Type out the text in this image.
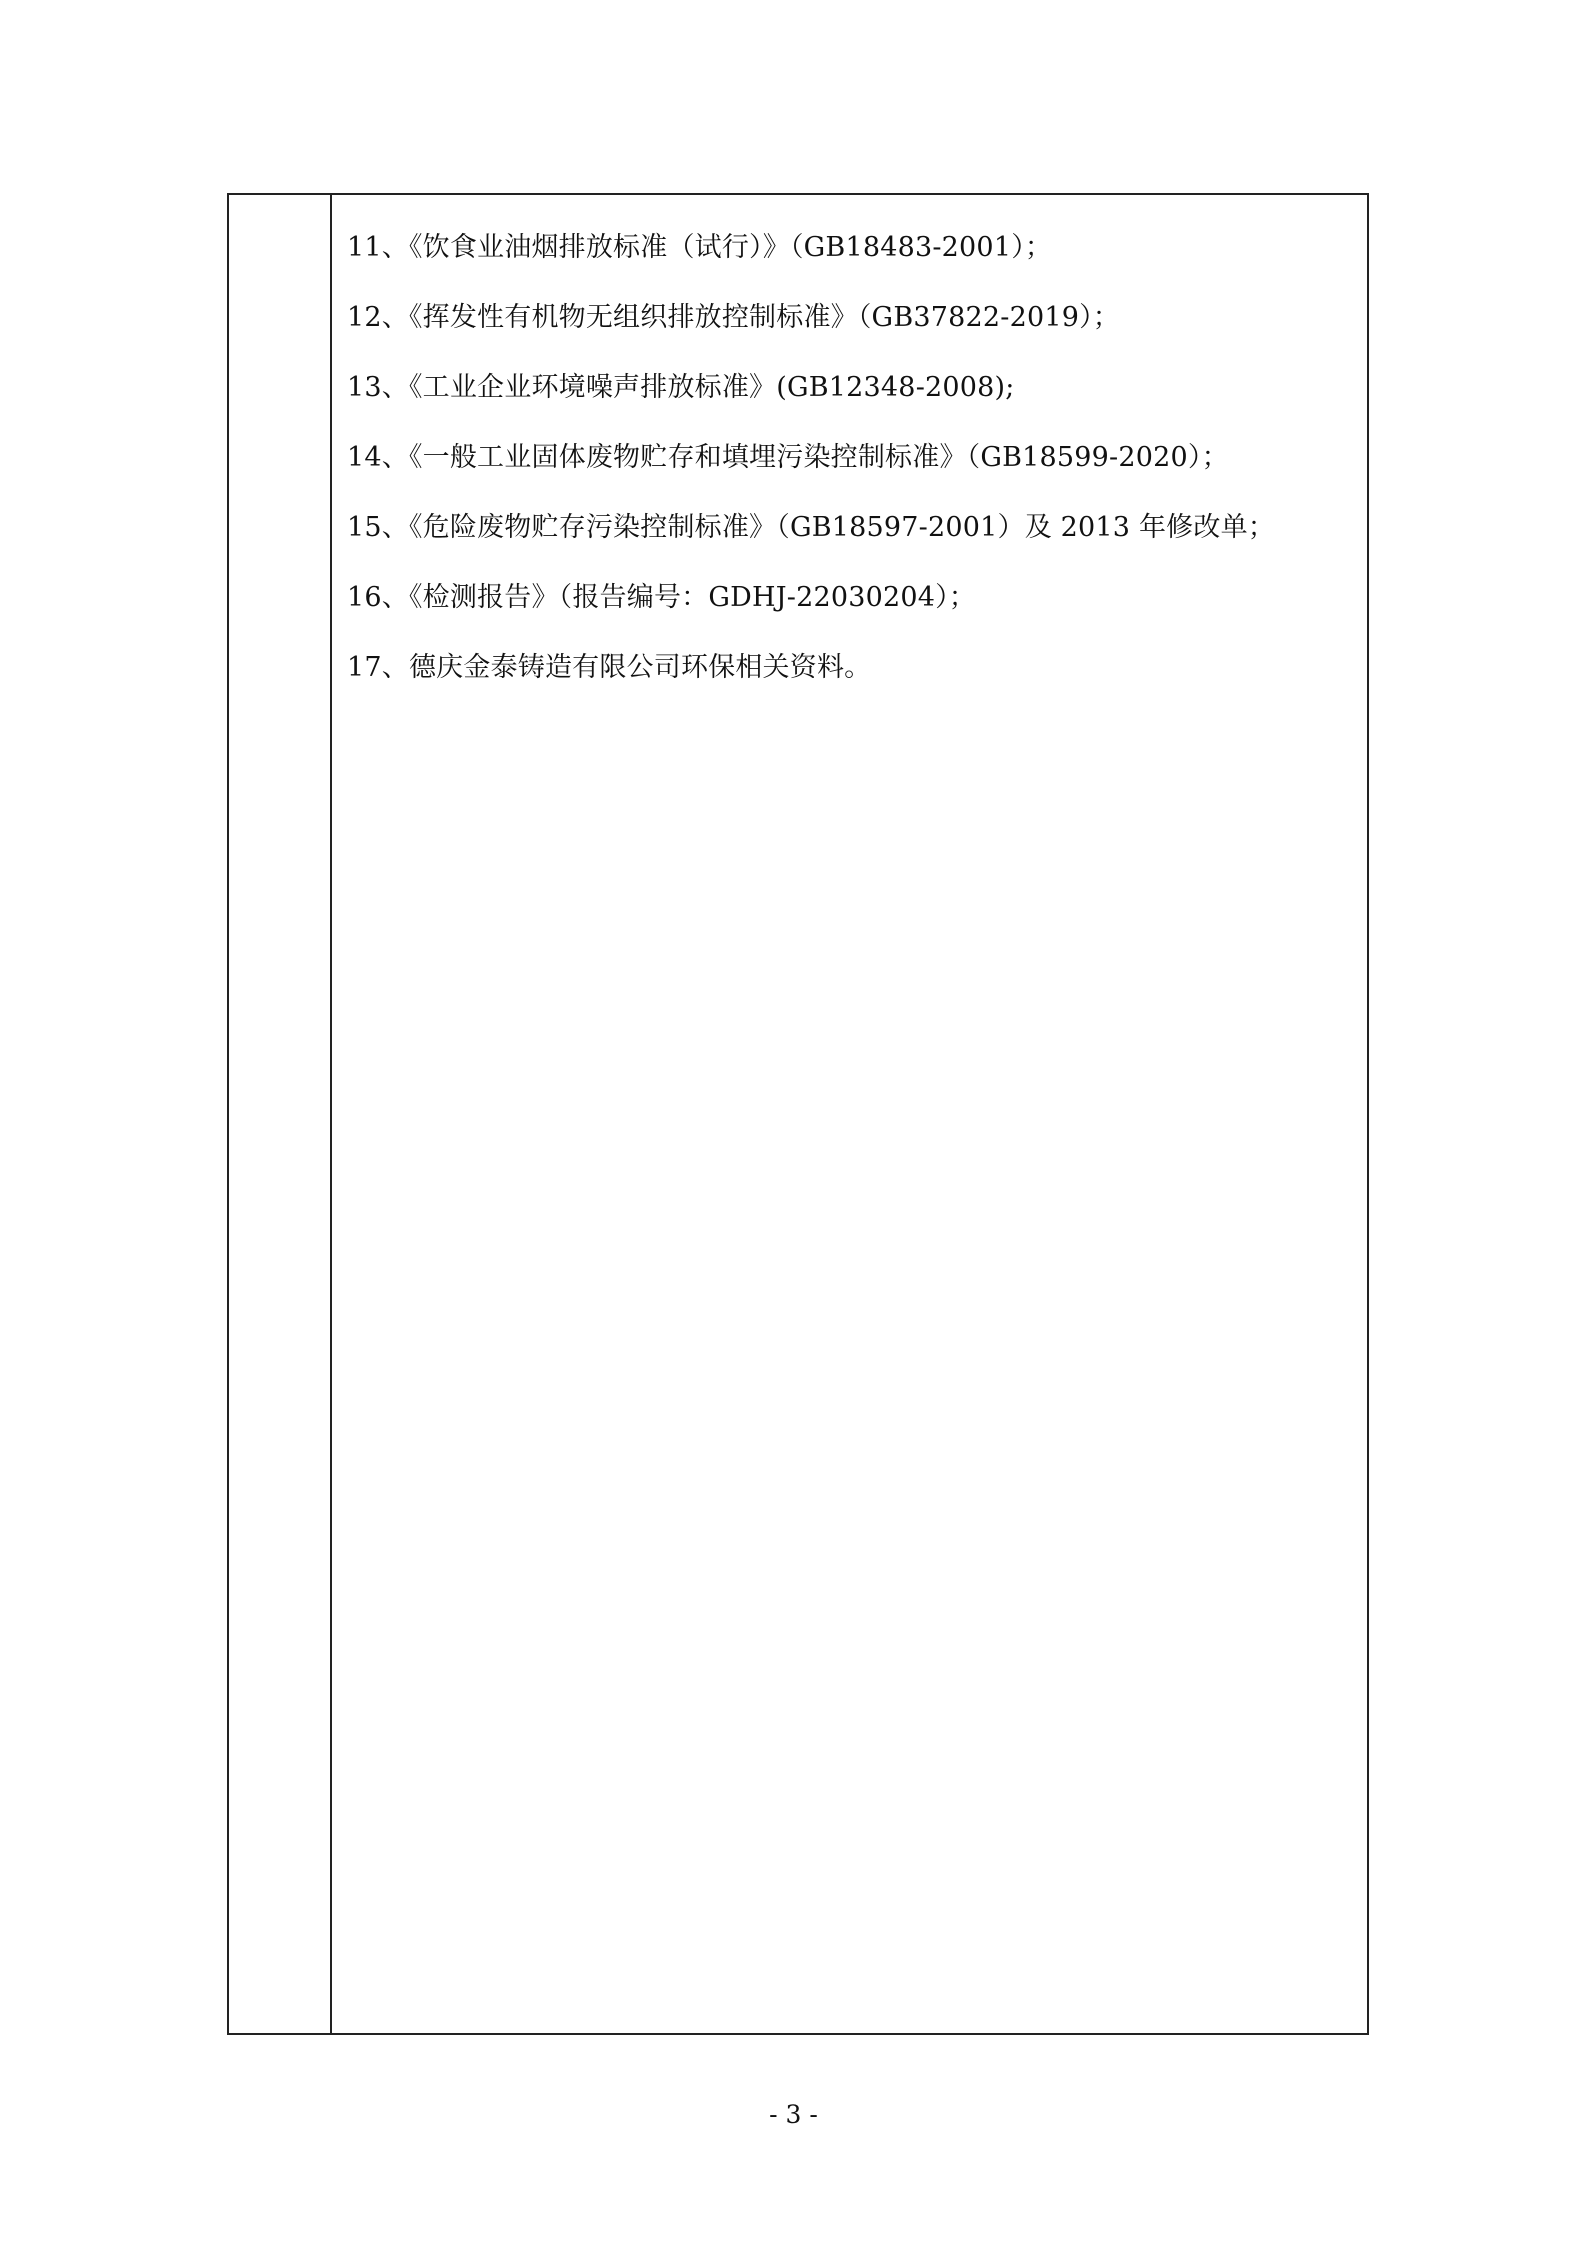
11、《饮食业油烟排放标准（试行）》（GB18483-2001）；
12、《挥发性有机物无组织排放控制标准》（GB37822-2019）；
13、《工业企业环境噪声排放标准》(GB12348-2008);
14、《一般工业固体废物贮存和填埋污染控制标准》（GB18599-2020）；
15、《危险废物贮存污染控制标准》（GB18597-2001）及 2013 年修改单；
16、《检测报告》（报告编号：GDHJ-22030204）；
17、德庆金泰铸造有限公司环保相关资料。
- 3 -
